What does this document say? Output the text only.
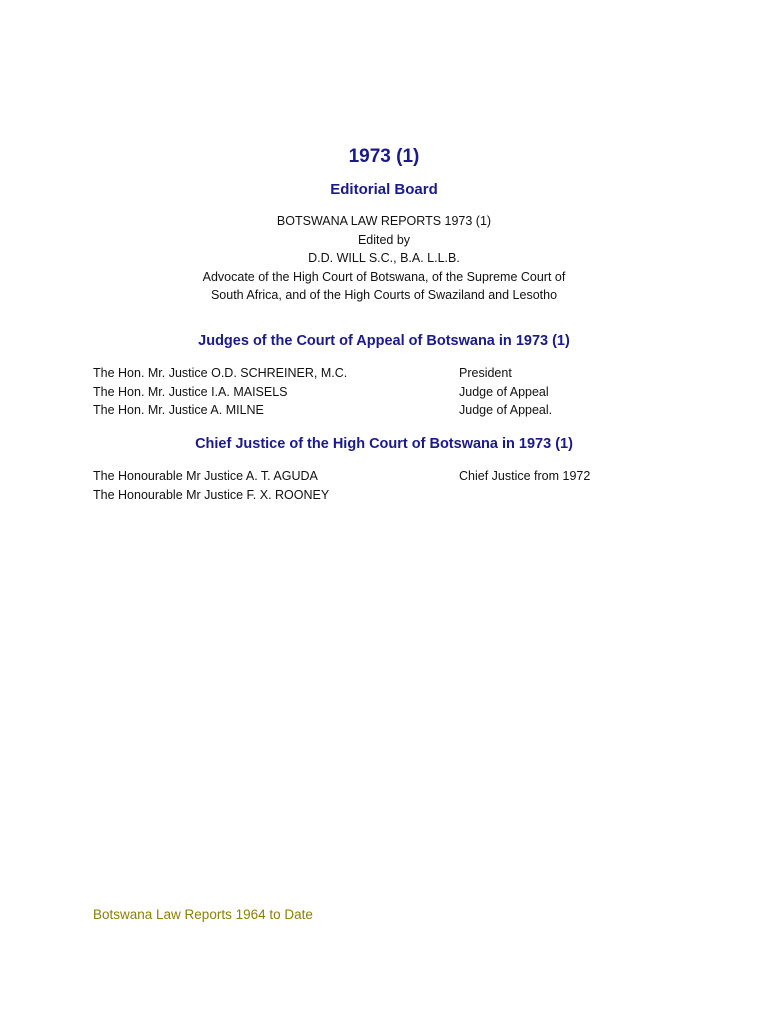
1973 (1)
Editorial Board
BOTSWANA LAW REPORTS 1973 (1)
Edited by
D.D. WILL S.C., B.A. L.L.B.
Advocate of the High Court of Botswana, of the Supreme Court of
South Africa, and of the High Courts of Swaziland and Lesotho
Judges of the Court of Appeal of Botswana in 1973 (1)
The Hon. Mr. Justice O.D. SCHREINER, M.C.	President
The Hon. Mr. Justice I.A. MAISELS	Judge of Appeal
The Hon. Mr. Justice A. MILNE	Judge of Appeal.
Chief Justice of the High Court of Botswana in 1973 (1)
The Honourable Mr Justice A. T. AGUDA	Chief Justice from 1972
The Honourable Mr Justice F. X. ROONEY
Botswana Law Reports 1964 to Date
